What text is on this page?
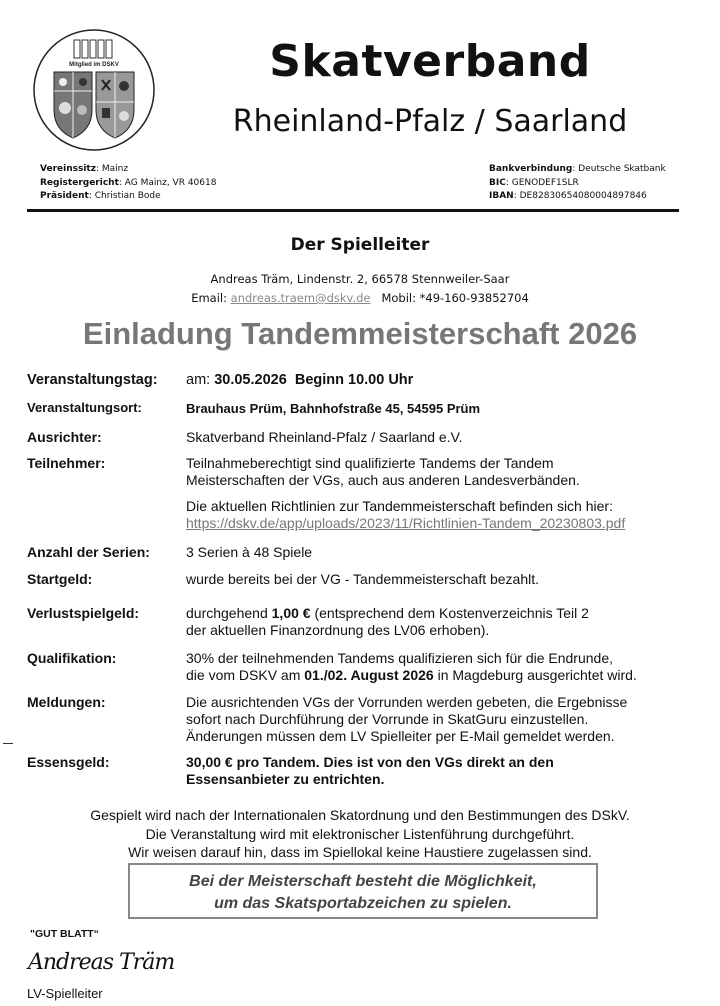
Mitglied im DSKV	Skatverband
Rheinland-Pfalz / Saarland
Vereinssitz: Mainz
Registergericht: AG Mainz, VR 40618
Präsident: Christian Bode
Bankverbindung: Deutsche Skatbank
BIC: GENODEF1SLR
IBAN: DE82830654080004897846
Der Spielleiter
Andreas Träm, Lindenstr. 2, 66578 Stennweiler-Saar
Email: andreas.traem@dskv.de Mobil: *49-160-93852704
Einladung Tandemmeisterschaft 2026
Veranstaltungstag: am: 30.05.2026 Beginn 10.00 Uhr
Veranstaltungsort:	Brauhaus Prüm, Bahnhofstraße 45, 54595 Prüm
Ausrichter:	Skatverband Rheinland-Pfalz / Saarland e.V.
Teilnehmer:	Teilnahmeberechtigt sind qualifizierte Tandems der Tandem
Meisterschaften der VGs, auch aus anderen Landesverbänden.
Die aktuellen Richtlinien zur Tandemmeisterschaft befinden sich hier:
https://dskv.de/app/uploads/2023/11/Richtlinien-Tandem_20230803.pdf
Anzahl der Serien:	3 Serien à 48 Spiele
Startgeld:	wurde bereits bei der VG - Tandemmeisterschaft bezahlt.
Verlustspielgeld:	durchgehend 1,00 € (entsprechend dem Kostenverzeichnis Teil 2
der aktuellen Finanzordnung des LV06 erhoben).
Qualifikation:	30% der teilnehmenden Tandems qualifizieren sich für die Endrunde,
die vom DSKV am 01./02. August 2026 in Magdeburg ausgerichtet wird.
Meldungen:	Die ausrichtenden VGs der Vorrunden werden gebeten, die Ergebnisse
sofort nach Durchführung der Vorrunde in SkatGuru einzustellen.
Änderungen müssen dem LV Spielleiter per E-Mail gemeldet werden.
Essensgeld:	30,00 € pro Tandem. Dies ist von den VGs direkt an den
Essensanbieter zu entrichten.
Gespielt wird nach der Internationalen Skatordnung und den Bestimmungen des DSkV.
Die Veranstaltung wird mit elektronischer Listenführung durchgeführt.
Wir weisen darauf hin, dass im Spiellokal keine Haustiere zugelassen sind.
Bei der Meisterschaft besteht die Möglichkeit,
um das Skatsportabzeichen zu spielen.
"GUT BLATT“
Andreas Träm
LV-Spielleiter
